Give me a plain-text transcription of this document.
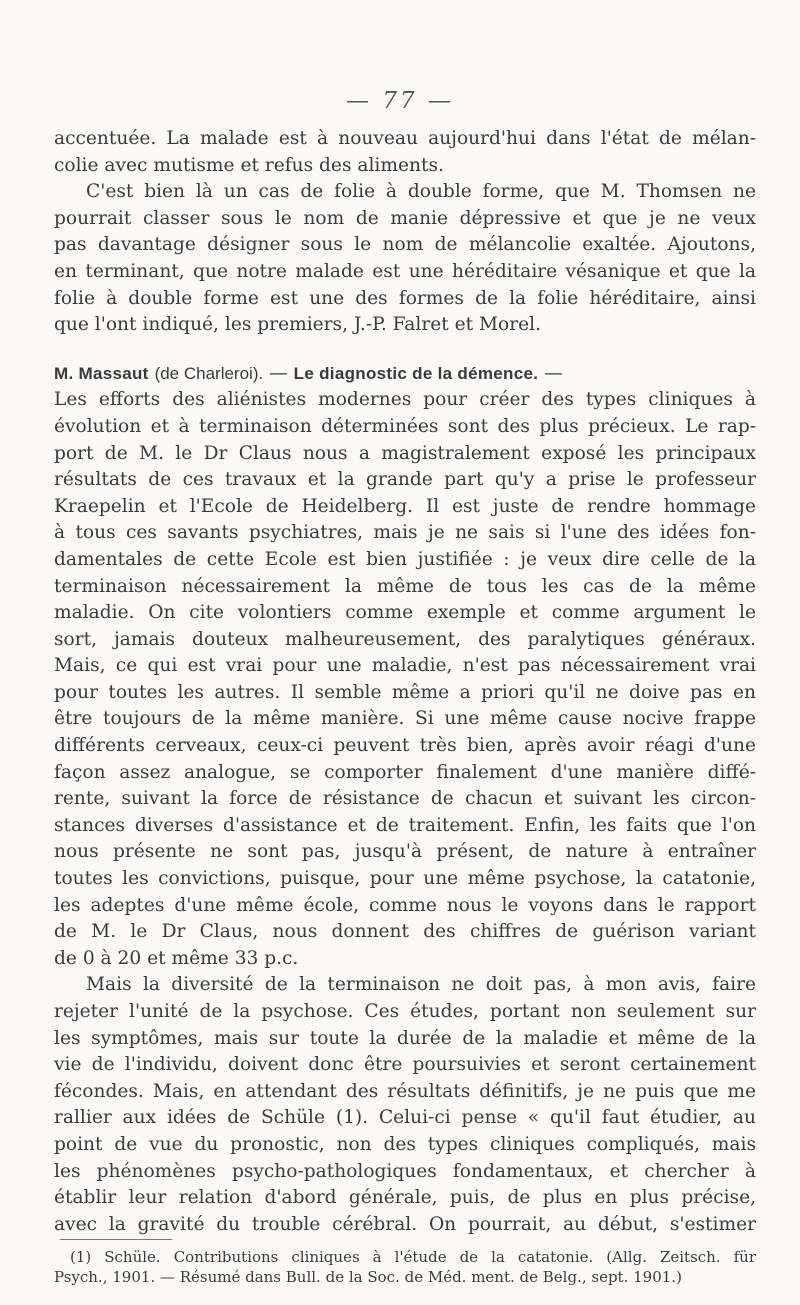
— 77 —
accentuée. La malade est à nouveau aujourd'hui dans l'état de mélan-
colie avec mutisme et refus des aliments.
C'est bien là un cas de folie à double forme, que M. Thomsen ne
pourrait classer sous le nom de manie dépressive et que je ne veux
pas davantage désigner sous le nom de mélancolie exaltée. Ajoutons,
en terminant, que notre malade est une héréditaire vésanique et que la
folie à double forme est une des formes de la folie héréditaire, ainsi
que l'ont indiqué, les premiers, J.-P. Falret et Morel.
M. Massaut (de Charleroi). — Le diagnostic de la démence. —
Les efforts des aliénistes modernes pour créer des types cliniques à
évolution et à terminaison déterminées sont des plus précieux. Le rap-
port de M. le Dr Claus nous a magistralement exposé les principaux
résultats de ces travaux et la grande part qu'y a prise le professeur
Kraepelin et l'Ecole de Heidelberg. Il est juste de rendre hommage
à tous ces savants psychiatres, mais je ne sais si l'une des idées fon-
damentales de cette Ecole est bien justifiée : je veux dire celle de la
terminaison nécessairement la même de tous les cas de la même
maladie. On cite volontiers comme exemple et comme argument le
sort, jamais douteux malheureusement, des paralytiques généraux.
Mais, ce qui est vrai pour une maladie, n'est pas nécessairement vrai
pour toutes les autres. Il semble même a priori qu'il ne doive pas en
être toujours de la même manière. Si une même cause nocive frappe
différents cerveaux, ceux-ci peuvent très bien, après avoir réagi d'une
façon assez analogue, se comporter finalement d'une manière diffé-
rente, suivant la force de résistance de chacun et suivant les circon-
stances diverses d'assistance et de traitement. Enfin, les faits que l'on
nous présente ne sont pas, jusqu'à présent, de nature à entraîner
toutes les convictions, puisque, pour une même psychose, la catatonie,
les adeptes d'une même école, comme nous le voyons dans le rapport
de M. le Dr Claus, nous donnent des chiffres de guérison variant
de 0 à 20 et même 33 p.c.
Mais la diversité de la terminaison ne doit pas, à mon avis, faire
rejeter l'unité de la psychose. Ces études, portant non seulement sur
les symptômes, mais sur toute la durée de la maladie et même de la
vie de l'individu, doivent donc être poursuivies et seront certainement
fécondes. Mais, en attendant des résultats définitifs, je ne puis que me
rallier aux idées de Schüle (1). Celui-ci pense « qu'il faut étudier, au
point de vue du pronostic, non des types cliniques compliqués, mais
les phénomènes psycho-pathologiques fondamentaux, et chercher à
établir leur relation d'abord générale, puis, de plus en plus précise,
avec la gravité du trouble cérébral. On pourrait, au début, s'estimer
(1) Schüle. Contributions cliniques à l'étude de la catatonie. (Allg. Zeitsch. für
Psych., 1901. — Résumé dans Bull. de la Soc. de Méd. ment. de Belg., sept. 1901.)
